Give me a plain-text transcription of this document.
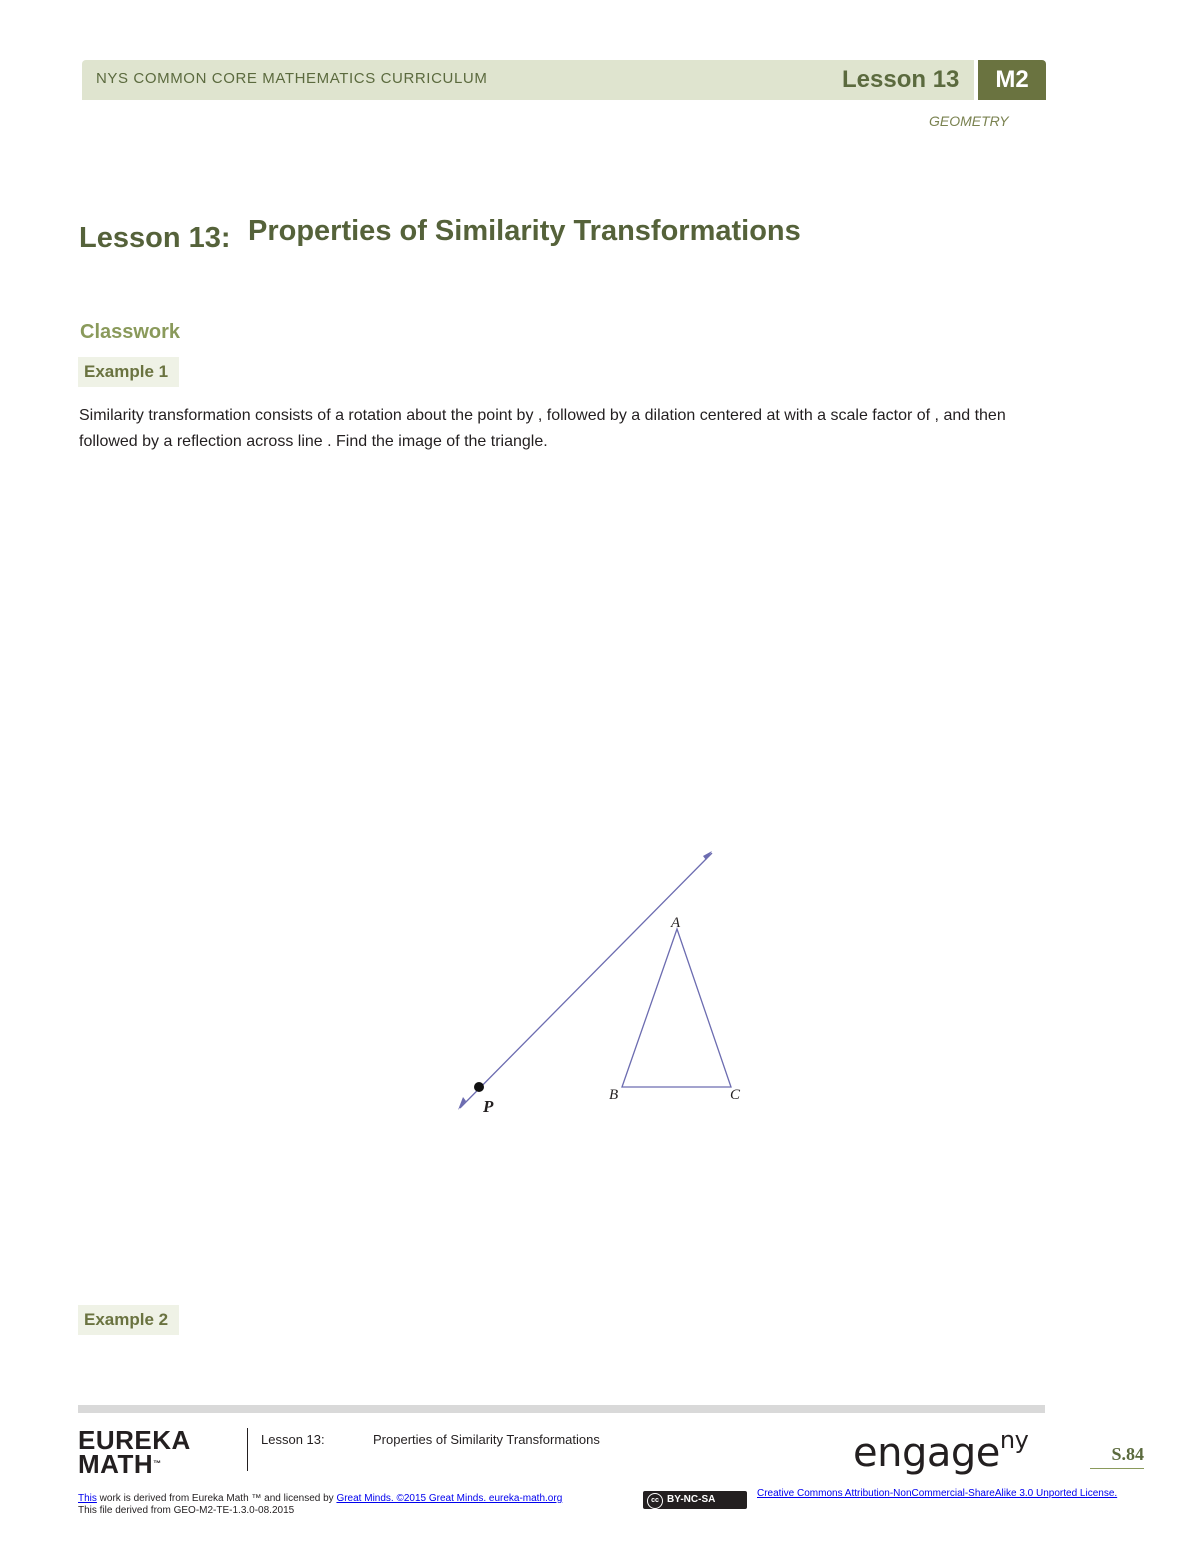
NYS COMMON CORE MATHEMATICS CURRICULUM	Lesson 13	M2
GEOMETRY
Lesson 13: Properties of Similarity Transformations
Classwork
Example 1
Similarity transformation consists of a rotation about the point by , followed by a dilation centered at with a scale factor of , and then followed by a reflection across line . Find the image of the triangle.
P
A
B	C
Example 2
EUREKA
MATH™
Lesson 13:	Properties of Similarity Transformations	engage$^{ny}$	S.84
This work is derived from Eureka Math ™ and licensed by Great Minds. ©2015 Great Minds. eureka-math.org
This file derived from GEO-M2-TE-1.3.0-08.2015
cc BY-NC-SA
Creative Commons Attribution-NonCommercial-ShareAlike 3.0 Unported License.
